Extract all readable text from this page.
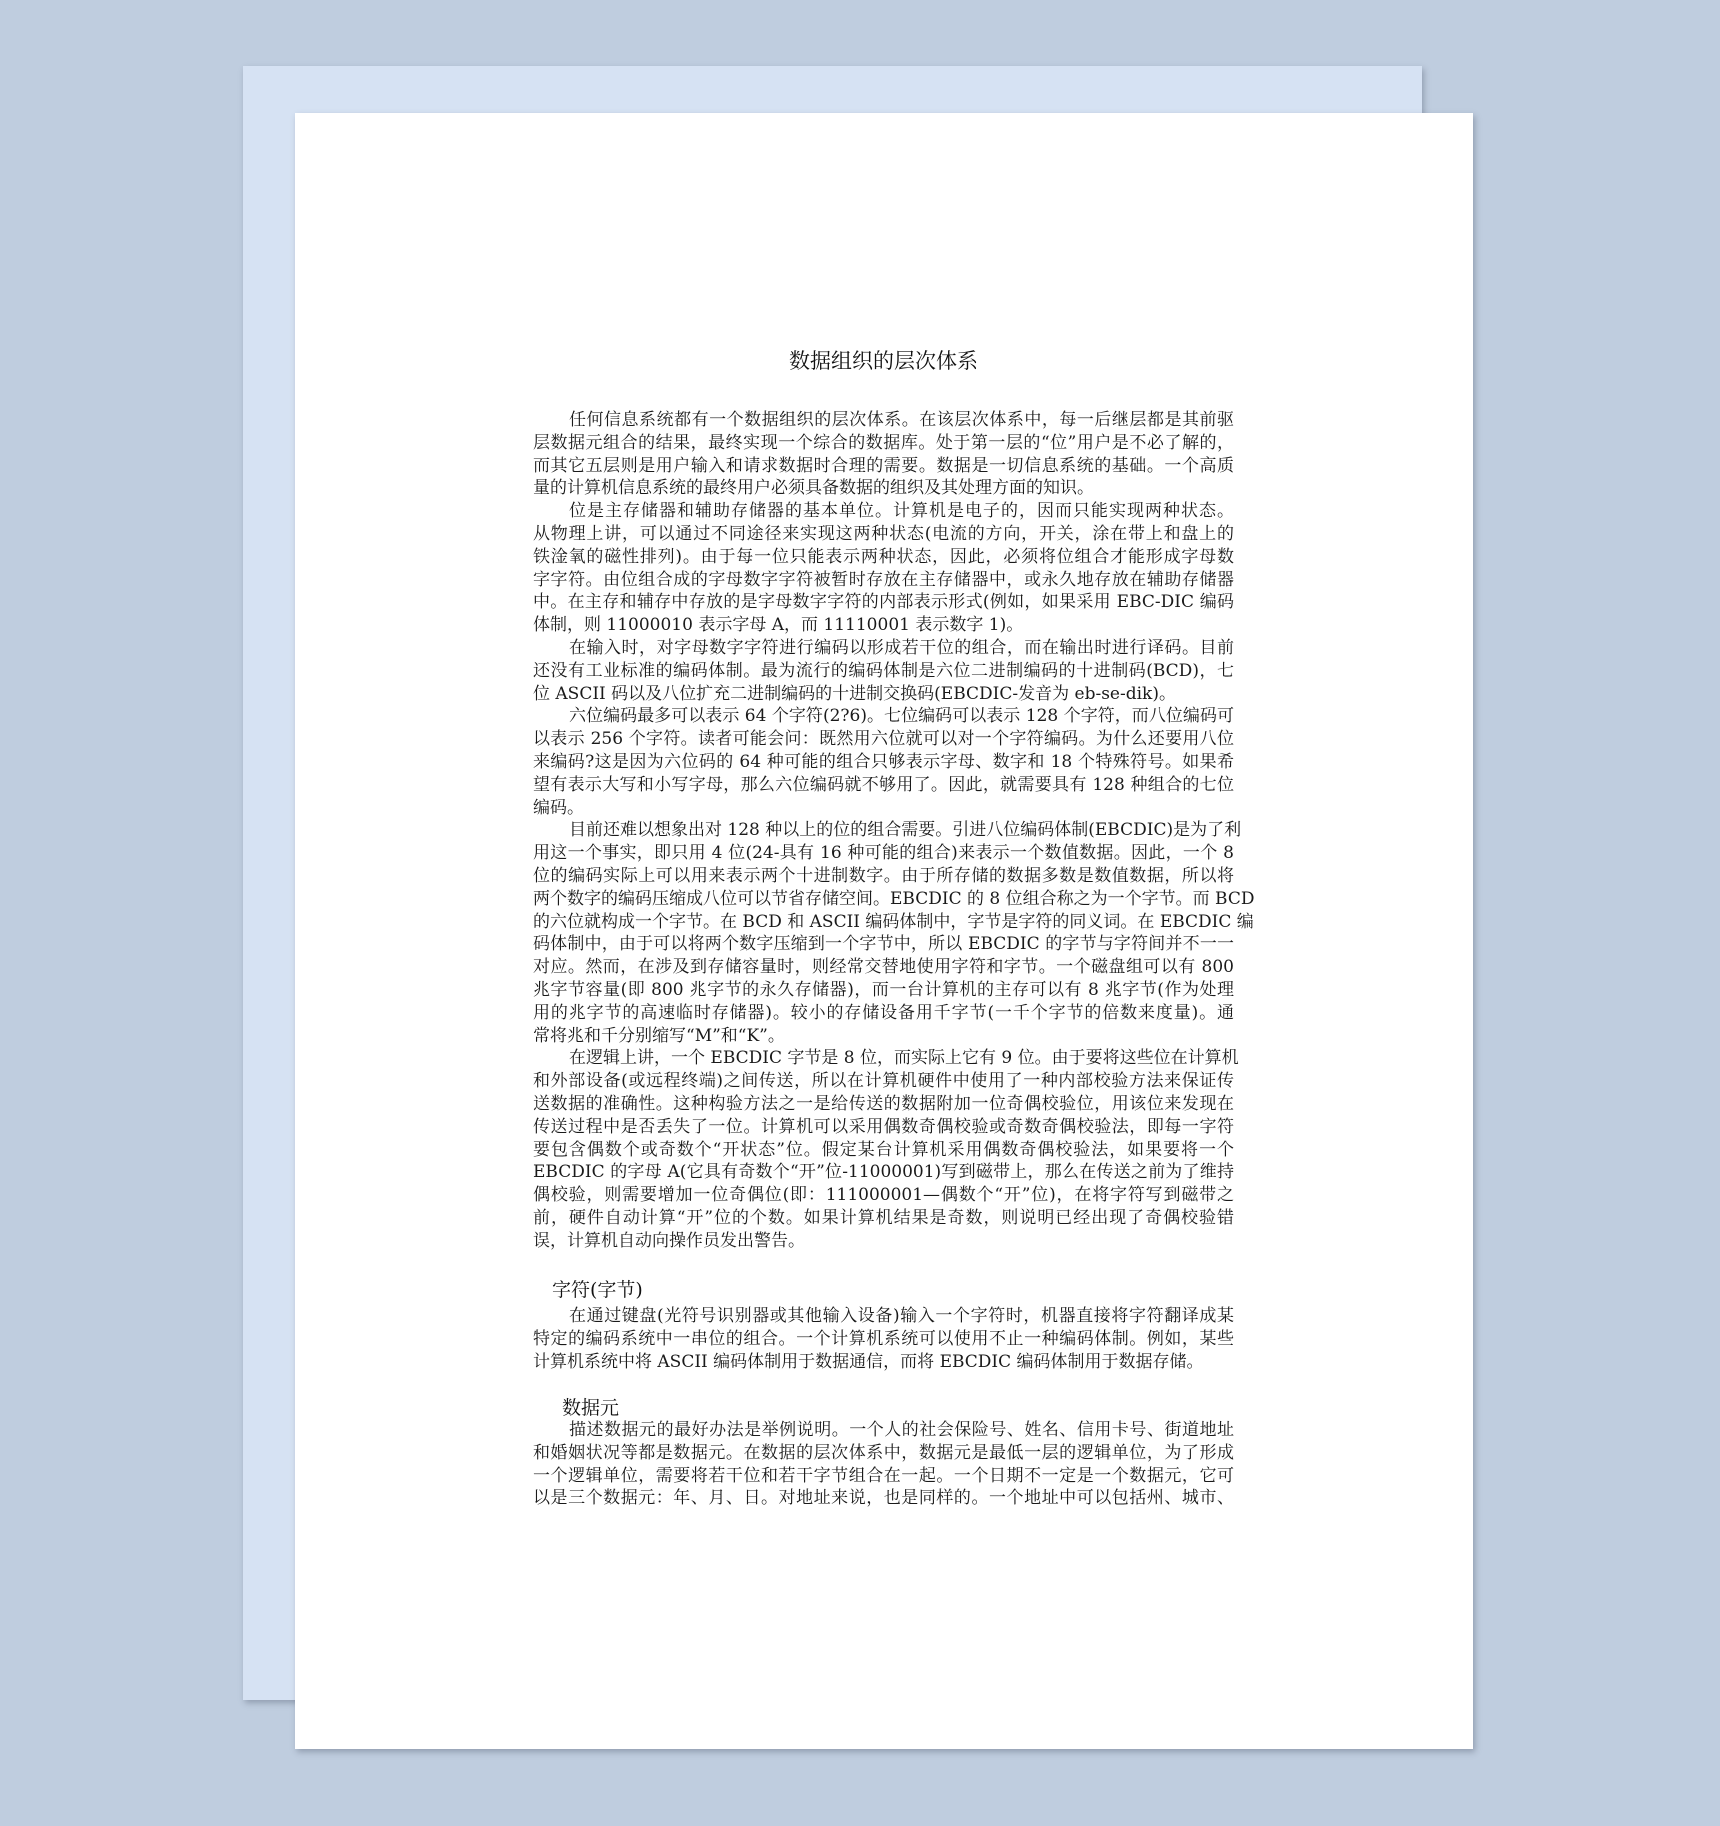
数据组织的层次体系
任何信息系统都有一个数据组织的层次体系。在该层次体系中，每一后继层都是其前驱
层数据元组合的结果，最终实现一个综合的数据库。处于第一层的“位”用户是不必了解的，
而其它五层则是用户输入和请求数据时合理的需要。数据是一切信息系统的基础。一个高质
量的计算机信息系统的最终用户必须具备数据的组织及其处理方面的知识。
位是主存储器和辅助存储器的基本单位。计算机是电子的，因而只能实现两种状态。
从物理上讲，可以通过不同途径来实现这两种状态(电流的方向，开关，涂在带上和盘上的
铁淦氧的磁性排列)。由于每一位只能表示两种状态，因此，必须将位组合才能形成字母数
字字符。由位组合成的字母数字字符被暂时存放在主存储器中，或永久地存放在辅助存储器
中。在主存和辅存中存放的是字母数字字符的内部表示形式(例如，如果采用 EBC-DIC 编码
体制，则 11000010 表示字母 A，而 11110001 表示数字 1)。
在输入时，对字母数字字符进行编码以形成若干位的组合，而在输出时进行译码。目前
还没有工业标准的编码体制。最为流行的编码体制是六位二进制编码的十进制码(BCD)，七
位 ASCII 码以及八位扩充二进制编码的十进制交换码(EBCDIC-发音为 eb-se-dik)。
六位编码最多可以表示 64 个字符(2?6)。七位编码可以表示 128 个字符，而八位编码可
以表示 256 个字符。读者可能会问：既然用六位就可以对一个字符编码。为什么还要用八位
来编码?这是因为六位码的 64 种可能的组合只够表示字母、数字和 18 个特殊符号。如果希
望有表示大写和小写字母，那么六位编码就不够用了。因此，就需要具有 128 种组合的七位
编码。
目前还难以想象出对 128 种以上的位的组合需要。引进八位编码体制(EBCDIC)是为了利
用这一个事实，即只用 4 位(24-具有 16 种可能的组合)来表示一个数值数据。因此，一个 8
位的编码实际上可以用来表示两个十进制数字。由于所存储的数据多数是数值数据，所以将
两个数字的编码压缩成八位可以节省存储空间。EBCDIC 的 8 位组合称之为一个字节。而 BCD
的六位就构成一个字节。在 BCD 和 ASCII 编码体制中，字节是字符的同义词。在 EBCDIC 编
码体制中，由于可以将两个数字压缩到一个字节中，所以 EBCDIC 的字节与字符间并不一一
对应。然而，在涉及到存储容量时，则经常交替地使用字符和字节。一个磁盘组可以有 800
兆字节容量(即 800 兆字节的永久存储器)，而一台计算机的主存可以有 8 兆字节(作为处理
用的兆字节的高速临时存储器)。较小的存储设备用千字节(一千个字节的倍数来度量)。通
常将兆和千分别缩写“M”和“K”。
在逻辑上讲，一个 EBCDIC 字节是 8 位，而实际上它有 9 位。由于要将这些位在计算机
和外部设备(或远程终端)之间传送，所以在计算机硬件中使用了一种内部校验方法来保证传
送数据的准确性。这种构验方法之一是给传送的数据附加一位奇偶校验位，用该位来发现在
传送过程中是否丢失了一位。计算机可以采用偶数奇偶校验或奇数奇偶校验法，即每一字符
要包含偶数个或奇数个“开状态”位。假定某台计算机采用偶数奇偶校验法，如果要将一个
EBCDIC 的字母 A(它具有奇数个“开”位-11000001)写到磁带上，那么在传送之前为了维持
偶校验，则需要增加一位奇偶位(即：111000001—偶数个“开”位)，在将字符写到磁带之
前，硬件自动计算“开”位的个数。如果计算机结果是奇数，则说明已经出现了奇偶校验错
误，计算机自动向操作员发出警告。
字符(字节)
在通过键盘(光符号识别器或其他输入设备)输入一个字符时，机器直接将字符翻译成某
特定的编码系统中一串位的组合。一个计算机系统可以使用不止一种编码体制。例如，某些
计算机系统中将 ASCII 编码体制用于数据通信，而将 EBCDIC 编码体制用于数据存储。
数据元
描述数据元的最好办法是举例说明。一个人的社会保险号、姓名、信用卡号、街道地址
和婚姻状况等都是数据元。在数据的层次体系中，数据元是最低一层的逻辑单位，为了形成
一个逻辑单位，需要将若干位和若干字节组合在一起。一个日期不一定是一个数据元，它可
以是三个数据元：年、月、日。对地址来说，也是同样的。一个地址中可以包括州、城市、
